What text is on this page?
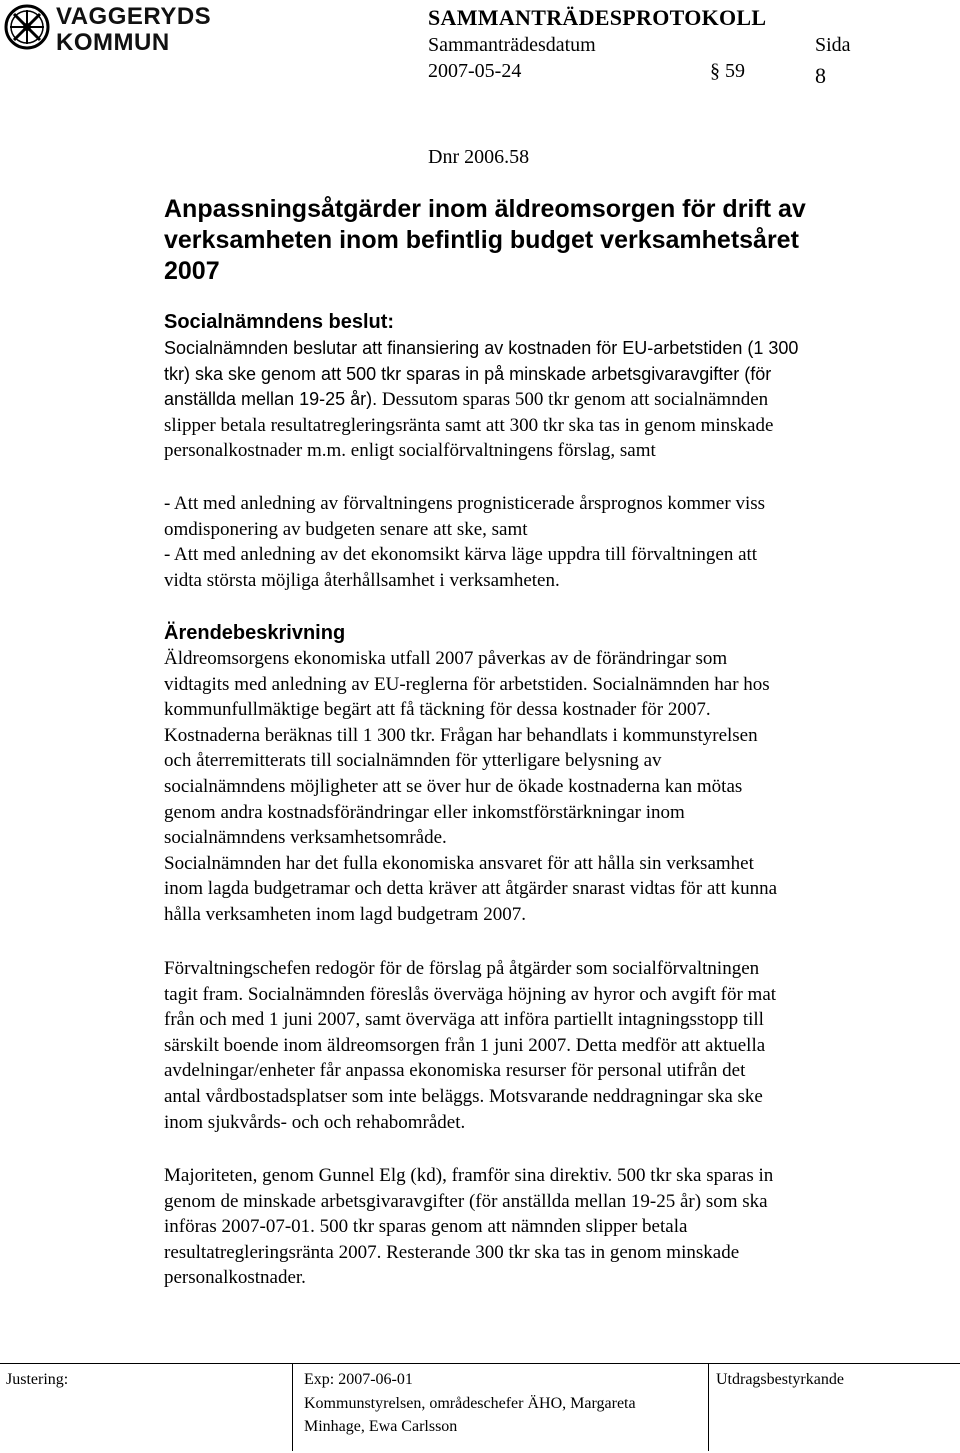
VAGGERYDS
KOMMUN
SAMMANTRÄDESPROTOKOLL
Sammanträdesdatum	Sida
2007-05-24	§ 59	8
Dnr 2006.58
Anpassningsåtgärder inom äldreomsorgen för drift av
verksamheten inom befintlig budget verksamhetsåret
2007
Socialnämndens beslut:
Socialnämnden beslutar att finansiering av kostnaden för EU-arbetstiden (1 300
tkr) ska ske genom att 500 tkr sparas in på minskade arbetsgivaravgifter (för
anställda mellan 19-25 år). Dessutom sparas 500 tkr genom att socialnämnden
slipper betala resultatregleringsränta samt att 300 tkr ska tas in genom minskade
personalkostnader m.m. enligt socialförvaltningens förslag, samt
- Att med anledning av förvaltningens prognisticerade årsprognos kommer viss
omdisponering av budgeten senare att ske, samt
- Att med anledning av det ekonomsikt kärva läge uppdra till förvaltningen att
vidta största möjliga återhållsamhet i verksamheten.
Ärendebeskrivning
Äldreomsorgens ekonomiska utfall 2007 påverkas av de förändringar som
vidtagits med anledning av EU-reglerna för arbetstiden. Socialnämnden har hos
kommunfullmäktige begärt att få täckning för dessa kostnader för 2007.
Kostnaderna beräknas till 1 300 tkr. Frågan har behandlats i kommunstyrelsen
och återremitterats till socialnämnden för ytterligare belysning av
socialnämndens möjligheter att se över hur de ökade kostnaderna kan mötas
genom andra kostnadsförändringar eller inkomstförstärkningar inom
socialnämndens verksamhetsområde.
Socialnämnden har det fulla ekonomiska ansvaret för att hålla sin verksamhet
inom lagda budgetramar och detta kräver att åtgärder snarast vidtas för att kunna
hålla verksamheten inom lagd budgetram 2007.
Förvaltningschefen redogör för de förslag på åtgärder som socialförvaltningen
tagit fram. Socialnämnden föreslås överväga höjning av hyror och avgift för mat
från och med 1 juni 2007, samt överväga att införa partiellt intagningsstopp till
särskilt boende inom äldreomsorgen från 1 juni 2007. Detta medför att aktuella
avdelningar/enheter får anpassa ekonomiska resurser för personal utifrån det
antal vårdbostadsplatser som inte beläggs. Motsvarande neddragningar ska ske
inom sjukvårds- och och rehabområdet.
Majoriteten, genom Gunnel Elg (kd), framför sina direktiv. 500 tkr ska sparas in
genom de minskade arbetsgivaravgifter (för anställda mellan 19-25 år) som ska
införas 2007-07-01. 500 tkr sparas genom att nämnden slipper betala
resultatregleringsränta 2007. Resterande 300 tkr ska tas in genom minskade
personalkostnader.
Justering:	Exp: 2007-06-01
Kommunstyrelsen, områdeschefer ÄHO, Margareta
Minhage, Ewa Carlsson
Utdragsbestyrkande
